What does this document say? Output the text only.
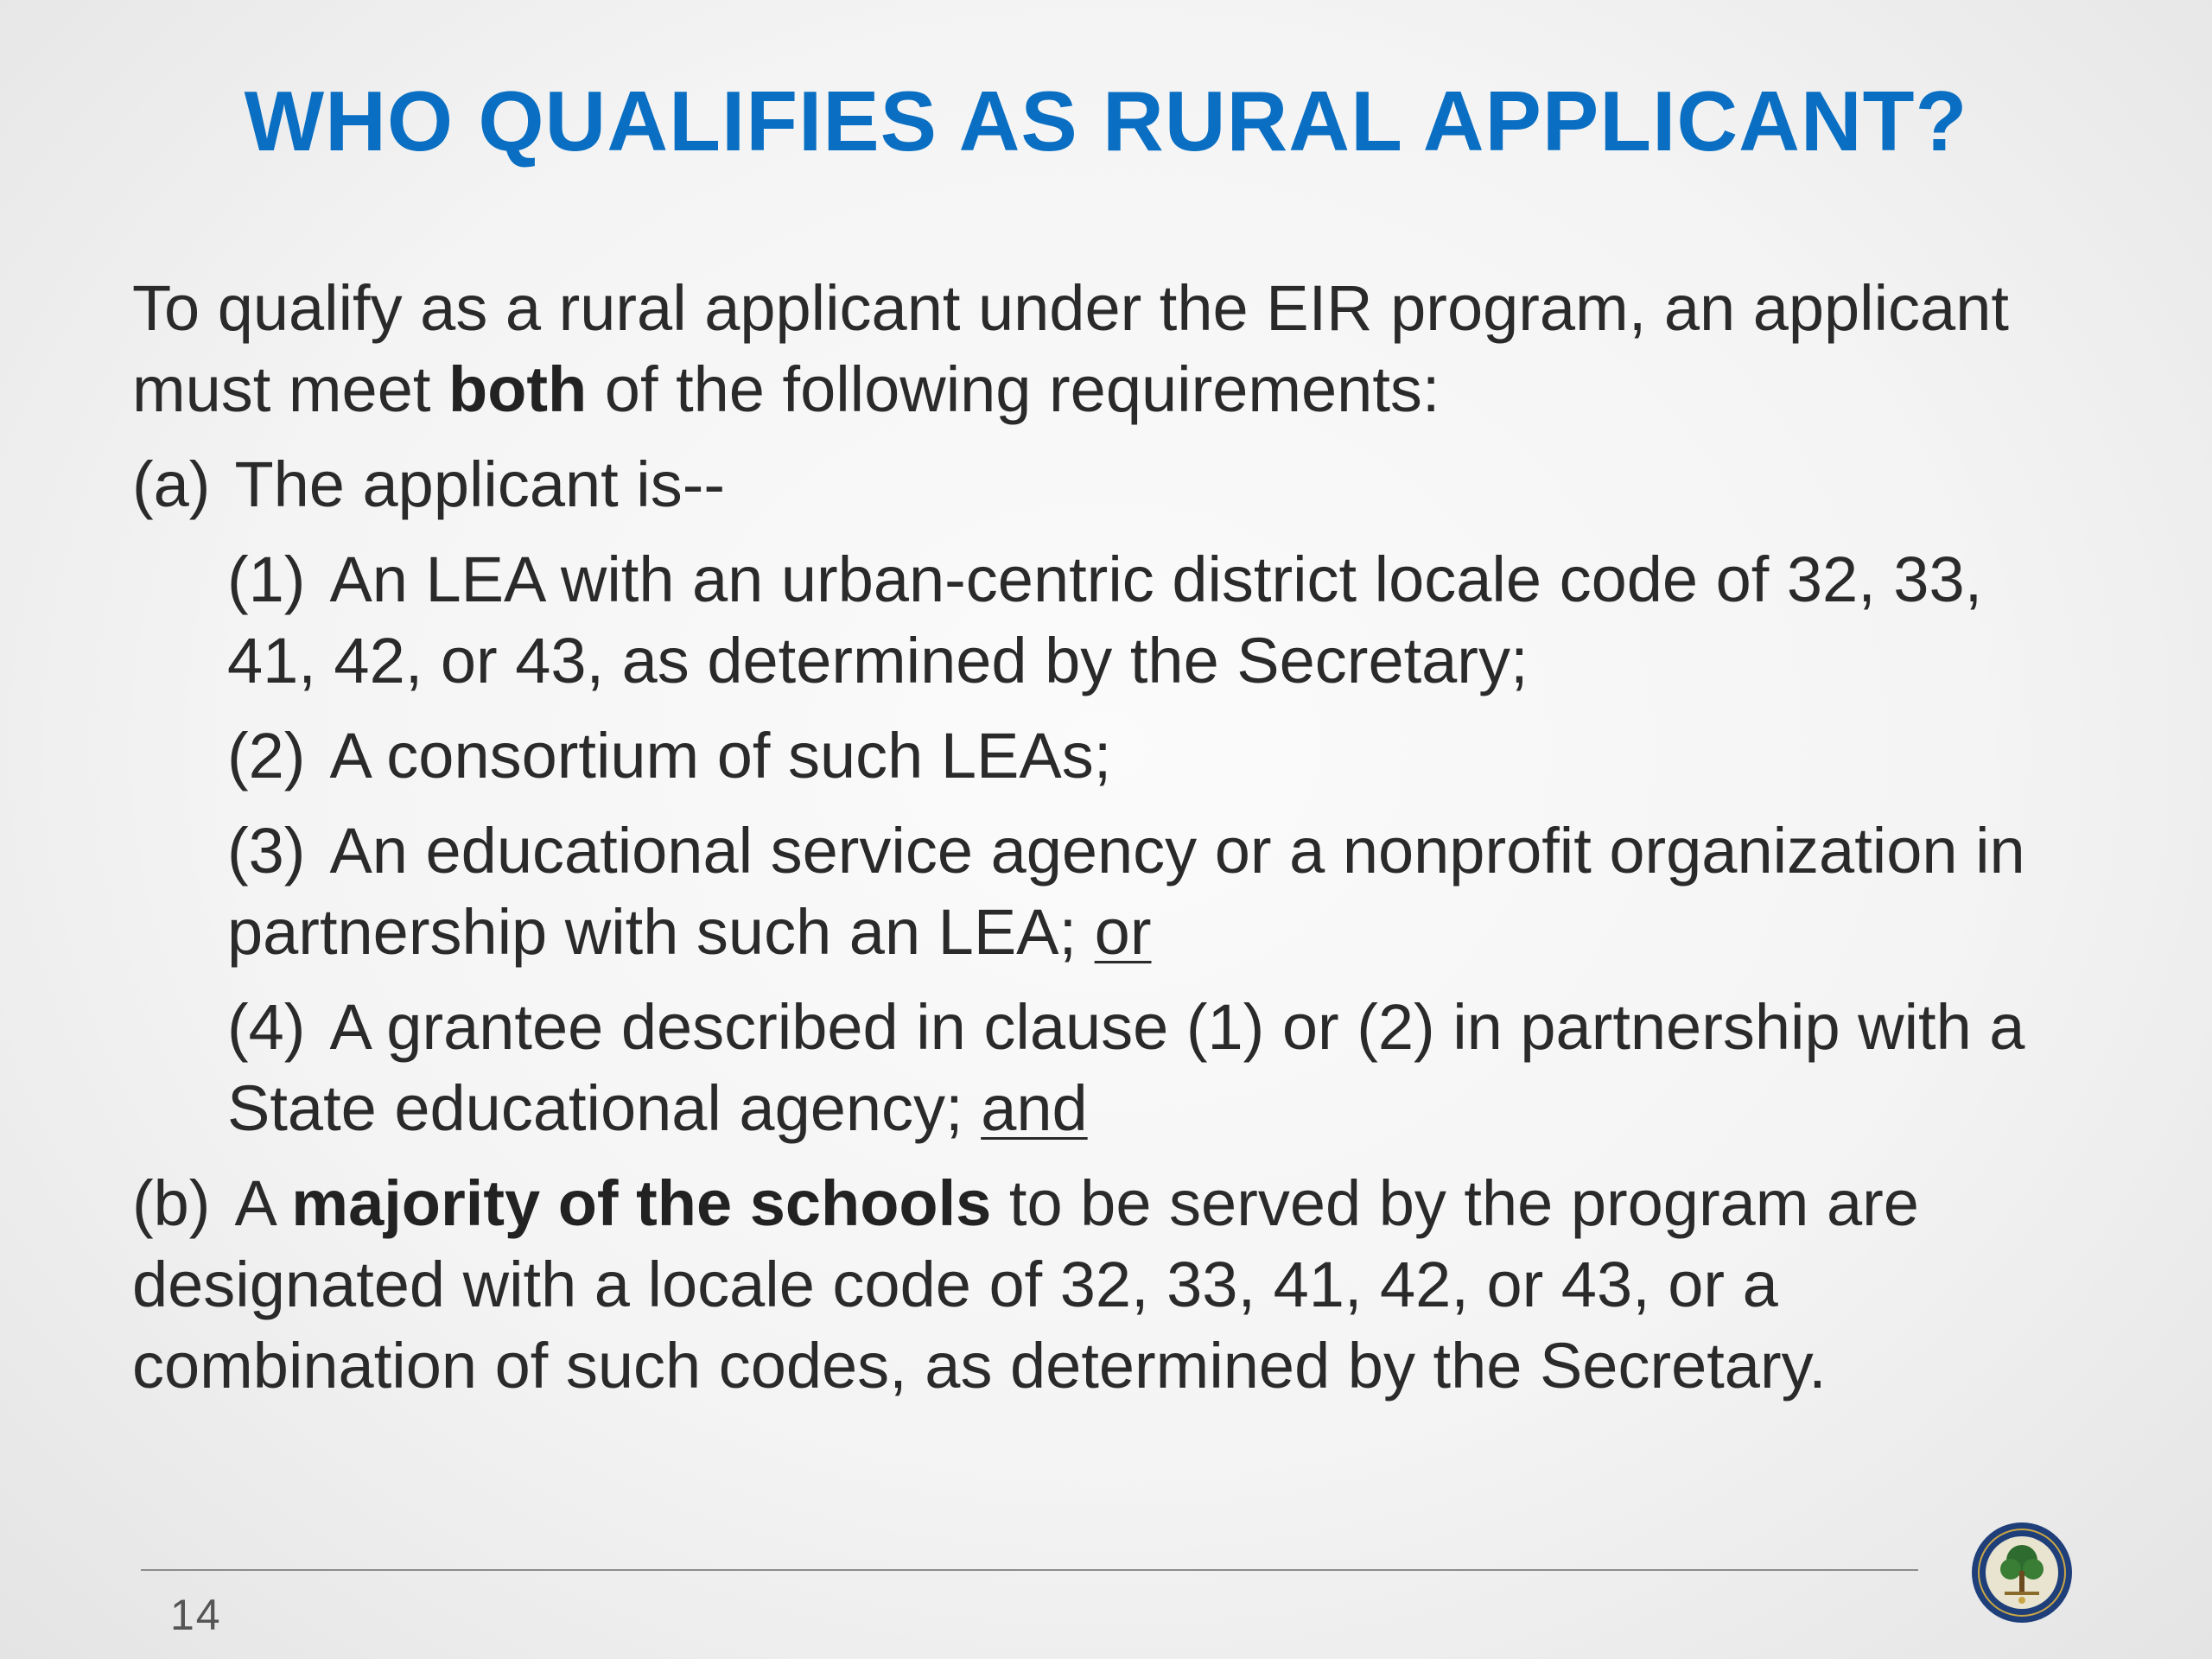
WHO QUALIFIES AS RURAL APPLICANT?

To qualify as a rural applicant under the EIR program, an applicant must meet both of the following requirements:

(a) The applicant is--

(1) An LEA with an urban-centric district locale code of 32, 33, 41, 42, or 43, as determined by the Secretary;

(2) A consortium of such LEAs;

(3) An educational service agency or a nonprofit organization in partnership with such an LEA; or

(4) A grantee described in clause (1) or (2) in partnership with a State educational agency; and

(b) A majority of the schools to be served by the program are designated with a locale code of 32, 33, 41, 42, or 43, or a combination of such codes, as determined by the Secretary.

14
